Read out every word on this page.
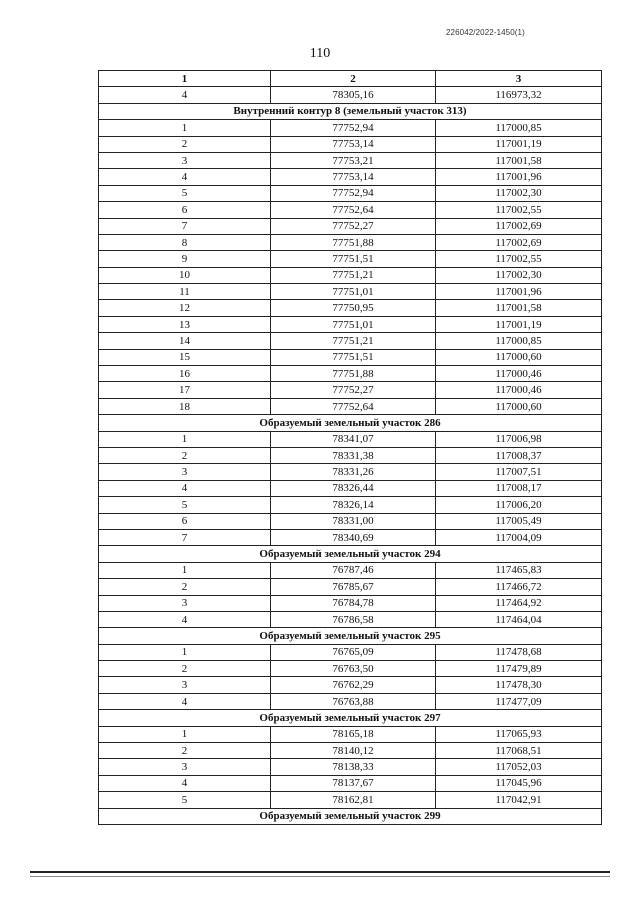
226042/2022-1450(1)
110
1	2	3
4	78305,16	116973,32
Внутренний контур 8 (земельный участок 313)		
1	77752,94	117000,85
2	77753,14	117001,19
3	77753,21	117001,58
4	77753,14	117001,96
5	77752,94	117002,30
6	77752,64	117002,55
7	77752,27	117002,69
8	77751,88	117002,69
9	77751,51	117002,55
10	77751,21	117002,30
11	77751,01	117001,96
12	77750,95	117001,58
13	77751,01	117001,19
14	77751,21	117000,85
15	77751,51	117000,60
16	77751,88	117000,46
17	77752,27	117000,46
18	77752,64	117000,60
Образуемый земельный участок 286		
1	78341,07	117006,98
2	78331,38	117008,37
3	78331,26	117007,51
4	78326,44	117008,17
5	78326,14	117006,20
6	78331,00	117005,49
7	78340,69	117004,09
Образуемый земельный участок 294		
1	76787,46	117465,83
2	76785,67	117466,72
3	76784,78	117464,92
4	76786,58	117464,04
Образуемый земельный участок 295		
1	76765,09	117478,68
2	76763,50	117479,89
3	76762,29	117478,30
4	76763,88	117477,09
Образуемый земельный участок 297		
1	78165,18	117065,93
2	78140,12	117068,51
3	78138,33	117052,03
4	78137,67	117045,96
5	78162,81	117042,91
Образуемый земельный участок 299		
